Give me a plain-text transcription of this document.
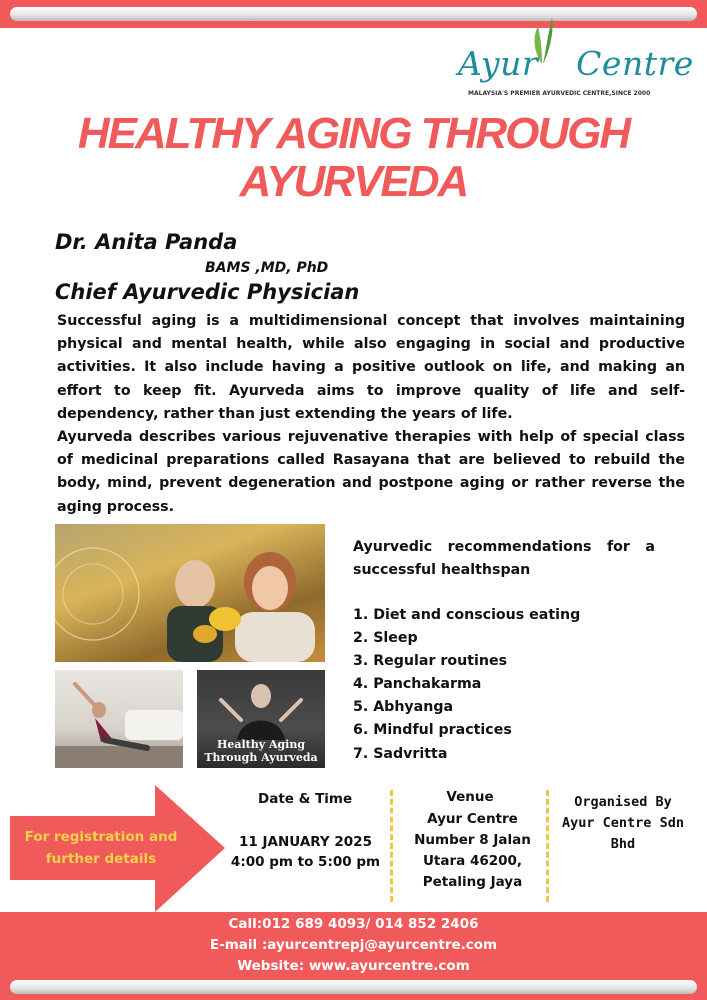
Ayur Centre
MALAYSIA'S PREMIER AYURVEDIC CENTRE,SINCE 2000
HEALTHY AGING THROUGH AYURVEDA
Dr. Anita Panda
BAMS ,MD, PhD
Chief Ayurvedic Physician

Successful aging is a multidimensional concept that involves maintaining physical and mental health, while also engaging in social and productive activities. It also include having a positive outlook on life, and making an effort to keep fit. Ayurveda aims to improve quality of life and self-dependency, rather than just extending the years of life.

Ayurveda describes various rejuvenative therapies with help of special class of medicinal preparations called Rasayana that are believed to rebuild the body, mind, prevent degeneration and postpone aging or rather reverse the aging process.

Healthy Aging Through Ayurveda
Ayurvedic recommendations for a successful healthspan
1. Diet and conscious eating
2. Sleep
3. Regular routines
4. Panchakarma
5. Abhyanga
6. Mindful practices
7. Sadvritta
For registration and further details
Date & Time
11 JANUARY 2025
4:00 pm to 5:00 pm
Venue
Ayur Centre Number 8 Jalan Utara 46200, Petaling Jaya
Organised By Ayur Centre Sdn Bhd
Call:012 689 4093/ 014 852 2406
E-mail :ayurcentrepj@ayurcentre.com
Website: www.ayurcentre.com
